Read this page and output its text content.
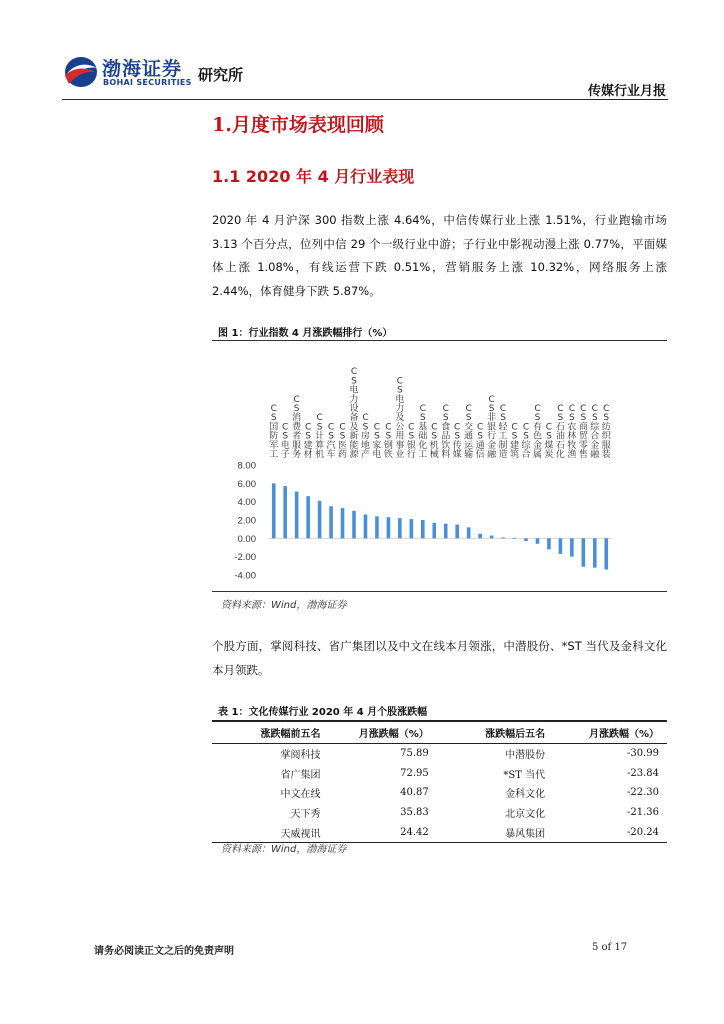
渤海证券
BOHAI SECURITIES 研究所
传媒行业月报
1.月度市场表现回顾
1.1 2020 年 4 月行业表现
2020 年 4 月沪深 300 指数上涨 4.64%，中信传媒行业上涨 1.51%，行业跑输市场 3.13 个百分点，位列中信 29 个一级行业中游；子行业中影视动漫上涨 0.77%，平面媒体上涨 1.08%，有线运营下跌 0.51%，营销服务上涨 10.32%，网络服务上涨 2.44%，体育健身下跌 5.87%。
图 1：行业指数 4 月涨跌幅排行（%）
8.00
6.00
4.00
2.00
0.00
-2.00
-4.00
C S 国防军工
C S 电子
C S 消费者服务
C S 建材
C S 计算机
C S 汽车
C S 医药
C S 电力设备及新能源
C S 房地产
C S 家电
C S 钢铁
C S 电力及公用事业
C S 银行
C S 基础化工
C S 机械
C S 食品饮料
C S 传媒
C S 交通运输
C S 通信
C S 非银行金融
C S 轻工制造
C S 建筑
C S 综合
C S 有色金属
C S 煤炭
C S 石油石化
C S 农林牧渔
C S 商贸零售
C S 综合金融
C S 纺织服装
资料来源：Wind，渤海证券
个股方面，掌阅科技、省广集团以及中文在线本月领涨，中潜股份、*ST 当代及金科文化本月领跌。
表 1：文化传媒行业 2020 年 4 月个股涨跌幅
涨跌幅前五名	月涨跌幅（%）	涨跌幅后五名	月涨跌幅（%）
掌阅科技	75.89	中潜股份	-30.99
省广集团	72.95	*ST 当代	-23.84
中文在线	40.87	金科文化	-22.30
天下秀	35.83	北京文化	-21.36
天威视讯	24.42	暴风集团	-20.24
资料来源：Wind，渤海证券
请务必阅读正文之后的免责声明	5 of 17
